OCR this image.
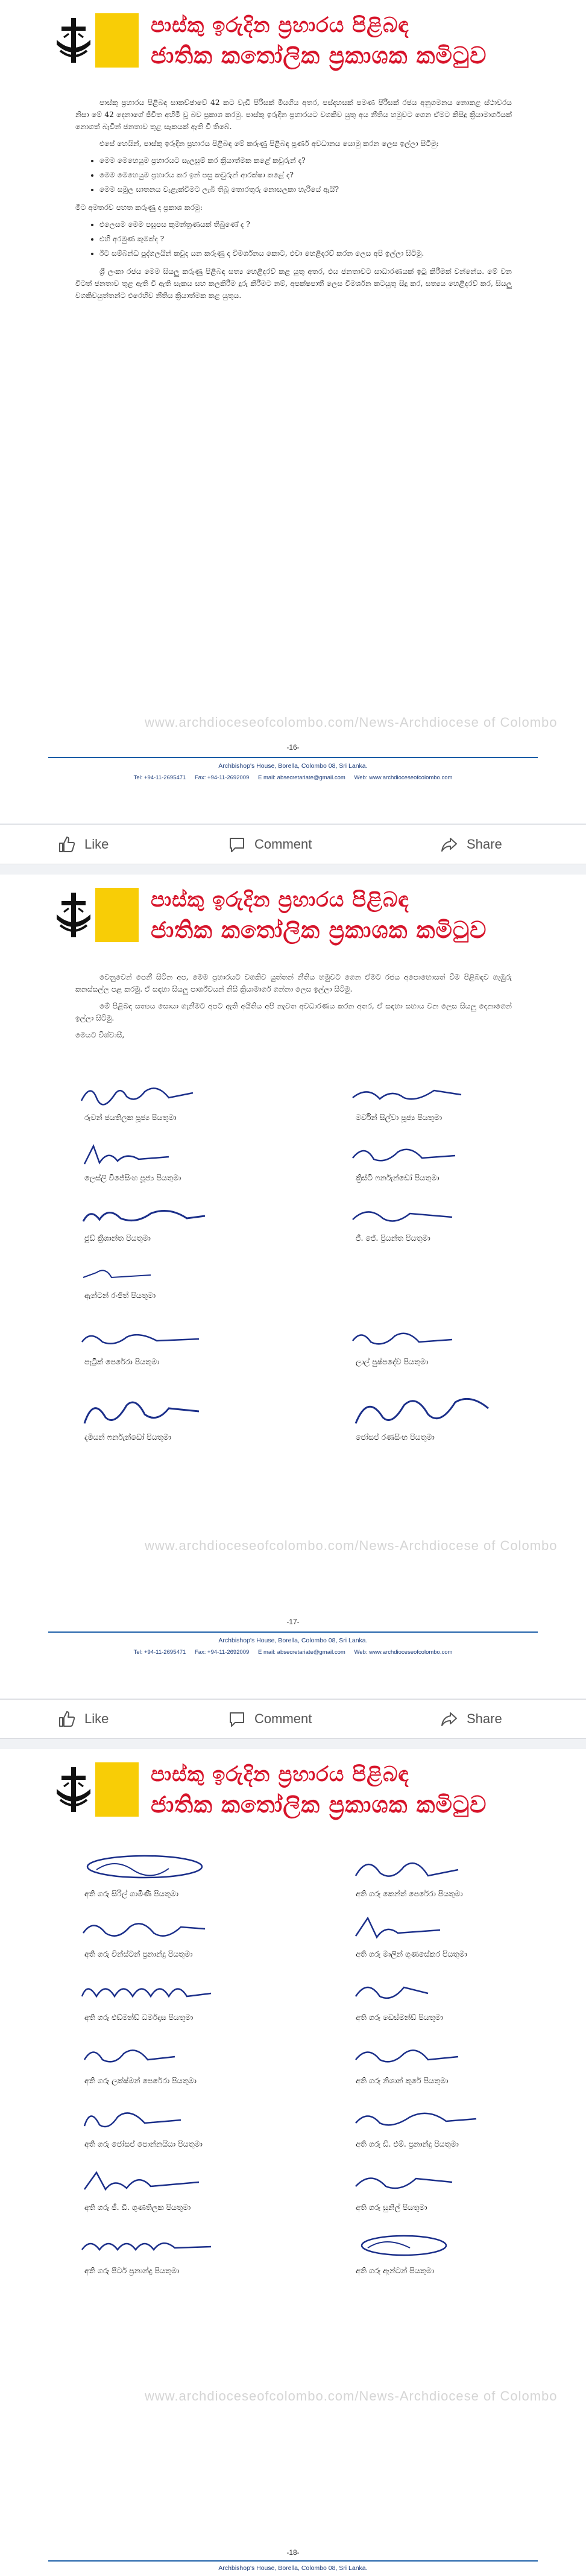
පාස්කු ඉරුදින ප්‍රහාරය පිළිබඳ
ජාතික කතෝලික ප්‍රකාශක කමිටුව

පාස්කු ප්‍රහාරය පිළිබඳ සාකච්ඡාවේ 42 කට වැඩි පිරිසක් මියගිය අතර, පස්දහසක් පමණ පිරිසක් රජය අනුගමනය නොකළ ස්ථාවරය නිසා මේ 42 දෙනාගේ ජීවිත අහිමි වූ බව ප්‍රකාශ කරමු. පාස්කු ඉරුදින ප්‍රහාරයට වගකිව යුතු අය නීතිය හමුවට ගෙන ඒමට කිසිදු ක්‍රියාමාර්ගයක් නොගත් බැවින් ජනතාව තුළ සැකයක් ඇති වී තිබේ.

එසේ හෙයින්, පාස්කු ඉරුදින ප්‍රහාරය පිළිබඳ මේ කරුණු පිළිබඳ පූර්ණ අවධානය යොමු කරන ලෙස ඉල්ලා සිටිමු:

• මෙම මෙහෙයුම ප්‍රහාරයට සැලසුම් කර ක්‍රියාත්මක කළේ කවුරුන් ද?
• මෙම මෙහෙයුම ප්‍රහාරය කර ඉන් පසු කවුරුන් ආරක්ෂා කළේ ද?
• මෙම සමූල ඝාතනය වැළැක්වීමට ලැබී තිබූ තොරතුරු නොසලකා හැරියේ ඇයි?

මීට අමතරව පහත කරුණු ද ප්‍රකාශ කරමු:

• එලෙසම මෙම පසුපස කුමන්ත්‍රණයක් තිබුණේ ද ?
• එහි අරමුණ කුමක්ද ?
• ඊට සම්බන්ධ පුද්ගලයින් කවුද යන කරුණු ද විමර්ශනය කොට, එවා හෙළිදරව් කරන ලෙස අපි ඉල්ලා සිටිමු.

ශ්‍රී ලංකා රජය මෙම සියලු කරුණු පිළිබඳ සත්‍ය හෙළිදරව් කළ යුතු අතර, එය ජනතාවට සාධාරණයක් ඉටු කිරීමක් වන්නේය. මේ වන විටත් ජනතාව තුළ ඇති වී ඇති සැකය සහ කලකිරීම දුරු කිරීමට නම්, අපක්ෂපාතී ලෙස විමර්ශන කටයුතු සිදු කර, සත්‍යය හෙළිදරව් කර, සියලු වගකිවයුත්තන්ට එරෙහිව නීතිය ක්‍රියාත්මක කළ යුතුය.

www.archdioceseofcolombo.com/News-Archdiocese of Colombo
-16-
Archbishop's House, Borella, Colombo 08, Sri Lanka.
Tel: +94-11-2695471 Fax: +94-11-2692009 E mail: absecretariate@gmail.com Web: www.archdioceseofcolombo.com
Like	Comment	Share
පාස්කු ඉරුදින ප්‍රහාරය පිළිබඳ
ජාතික කතෝලික ප්‍රකාශක කමිටුව

වෙනුවෙන් පෙනී සිටින අප, මෙම ප්‍රහාරයට වගකිව යුත්තන් නීතිය හමුවට ගෙන ඒමට රජය අපොහොසත් වීම පිළිබඳව ගැඹුරු කනස්සල්ල පළ කරමු. ඒ සඳහා සියලු පාර්ශ්වයන් නිසි ක්‍රියාමාර්ග ගන්නා ලෙස ඉල්ලා සිටිමු.

මේ පිළිබඳ සත්‍යය සොයා ගැනීමට අපට ඇති අයිතිය අපි නැවත අවධාරණය කරන අතර, ඒ සඳහා සහාය වන ලෙස සියලු දෙනාගෙන් ඉල්ලා සිටිමු.

මෙයට විශ්වාසී,

රුවන් ජයතිලක පූජ්‍ය පියතුමා	මර්වින් සිල්වා පූජ්‍ය පියතුමා
ලෙස්ලි විජේසිංහ පූජ්‍ය පියතුමා	ක්‍රිස්ටි ෆර්නැන්ඩෝ පියතුමා
ජූඩ් ක්‍රිශාන්ත පියතුමා	ජී. ජේ. ප්‍රියන්ත පියතුමා
ඇන්ටන් රංජිත් පියතුමා
පැට්‍රික් පෙරේරා පියතුමා	ලාල් පුෂ්පදේව පියතුමා
දමියන් ෆර්නැන්ඩෝ පියතුමා	ජෝසප් රණසිංහ පියතුමා
www.archdioceseofcolombo.com/News-Archdiocese of Colombo
-17-
Archbishop's House, Borella, Colombo 08, Sri Lanka.
Tel: +94-11-2695471 Fax: +94-11-2692009 E mail: absecretariate@gmail.com Web: www.archdioceseofcolombo.com
Like	Comment	Share
පාස්කු ඉරුදින ප්‍රහාරය පිළිබඳ
ජාතික කතෝලික ප්‍රකාශක කමිටුව
අති ගරු සිරිල් ගාමිණී පියතුමා	අති ගරු කෙන්ත් පෙරේරා පියතුමා
අති ගරු වින්ස්ටන් ප්‍රනාන්දු පියතුමා	අති ගරු මාලින් ගුණසේකර පියතුමා
අති ගරු එඩ්මන්ඩ් ධර්මදාස පියතුමා	අති ගරු ඩෙස්මන්ඩ් පියතුමා
අති ගරු ලක්ෂ්මන් පෙරේරා පියතුමා	අති ගරු නිශාන් කුරේ පියතුමා
අති ගරු ජෝසප් පොන්නයියා පියතුමා	අති ගරු ඩී. එම්. ප්‍රනාන්දු පියතුමා
අති ගරු ජී. ඩී. ගුණතිලක පියතුමා	අති ගරු සුනිල් පියතුමා
අති ගරු පීටර් ප්‍රනාන්දු පියතුමා	අති ගරු ඇන්ටන් පියතුමා
www.archdioceseofcolombo.com/News-Archdiocese of Colombo
-18-
Archbishop's House, Borella, Colombo 08, Sri Lanka.
